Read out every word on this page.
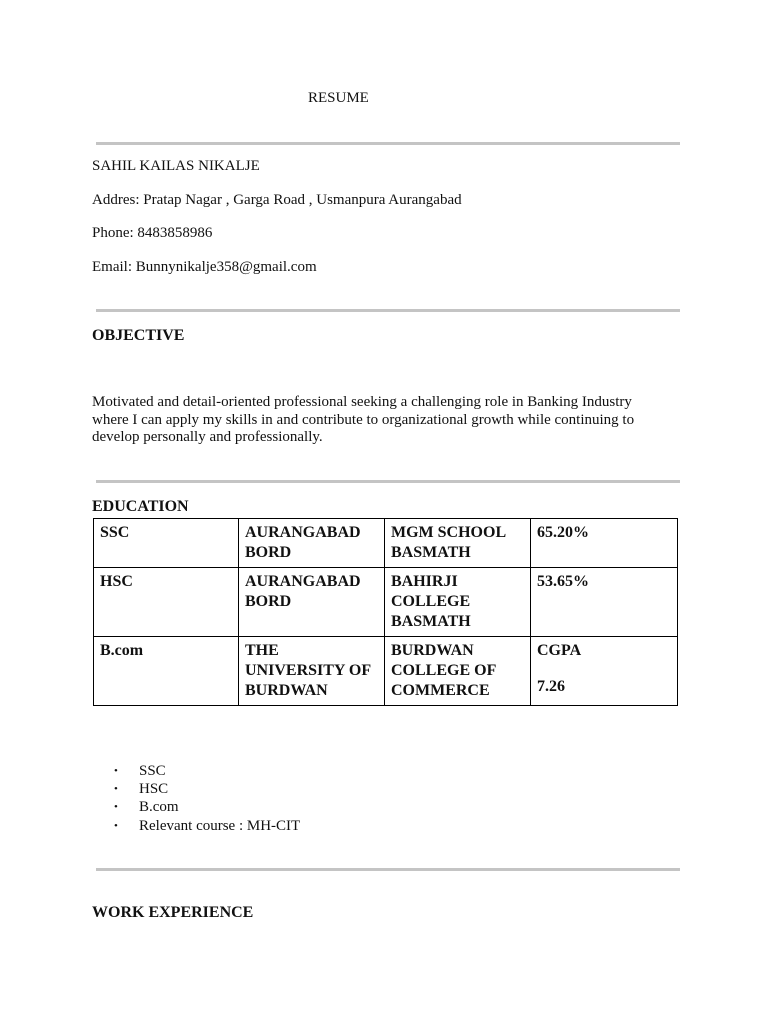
RESUME
SAHIL KAILAS NIKALJE
Addres: Pratap Nagar , Garga Road , Usmanpura Aurangabad
Phone: 8483858986
Email: Bunnynikalje358@gmail.com
OBJECTIVE
Motivated and detail-oriented professional seeking a challenging role in Banking Industry
where I can apply my skills in and contribute to organizational growth while continuing to
develop personally and professionally.
EDUCATION
SSC	AURANGABAD BORD	MGM SCHOOL BASMATH	65.20%
HSC	AURANGABAD BORD	BAHIRJI COLLEGE BASMATH	53.65%
B.com	THE UNIVERSITY OF BURDWAN	BURDWAN COLLEGE OF COMMERCE	CGPA
7.26
• SSC
• HSC
• B.com
• Relevant course : MH-CIT
WORK EXPERIENCE
